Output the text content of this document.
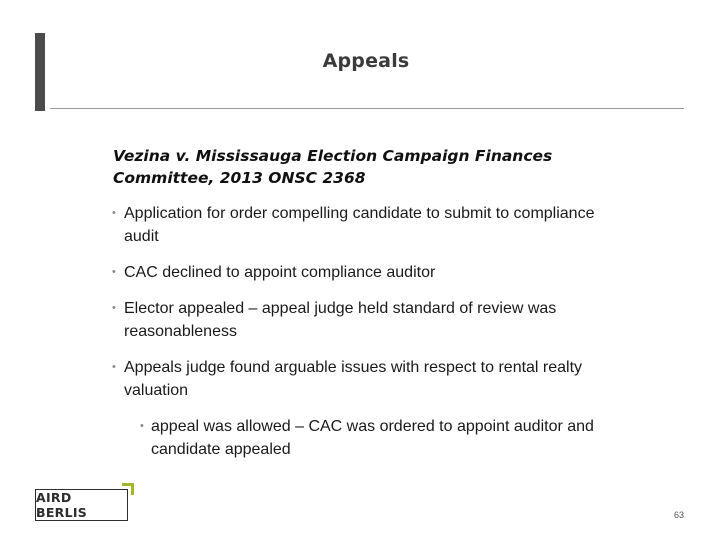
Appeals
Vezina v. Mississauga Election Campaign Finances
Committee, 2013 ONSC 2368
• Application for order compelling candidate to submit to compliance audit
• CAC declined to appoint compliance auditor
• Elector appealed – appeal judge held standard of review was reasonableness
• Appeals judge found arguable issues with respect to rental realty valuation
• appeal was allowed – CAC was ordered to appoint auditor and candidate appealed
AIRD BERLIS	63
